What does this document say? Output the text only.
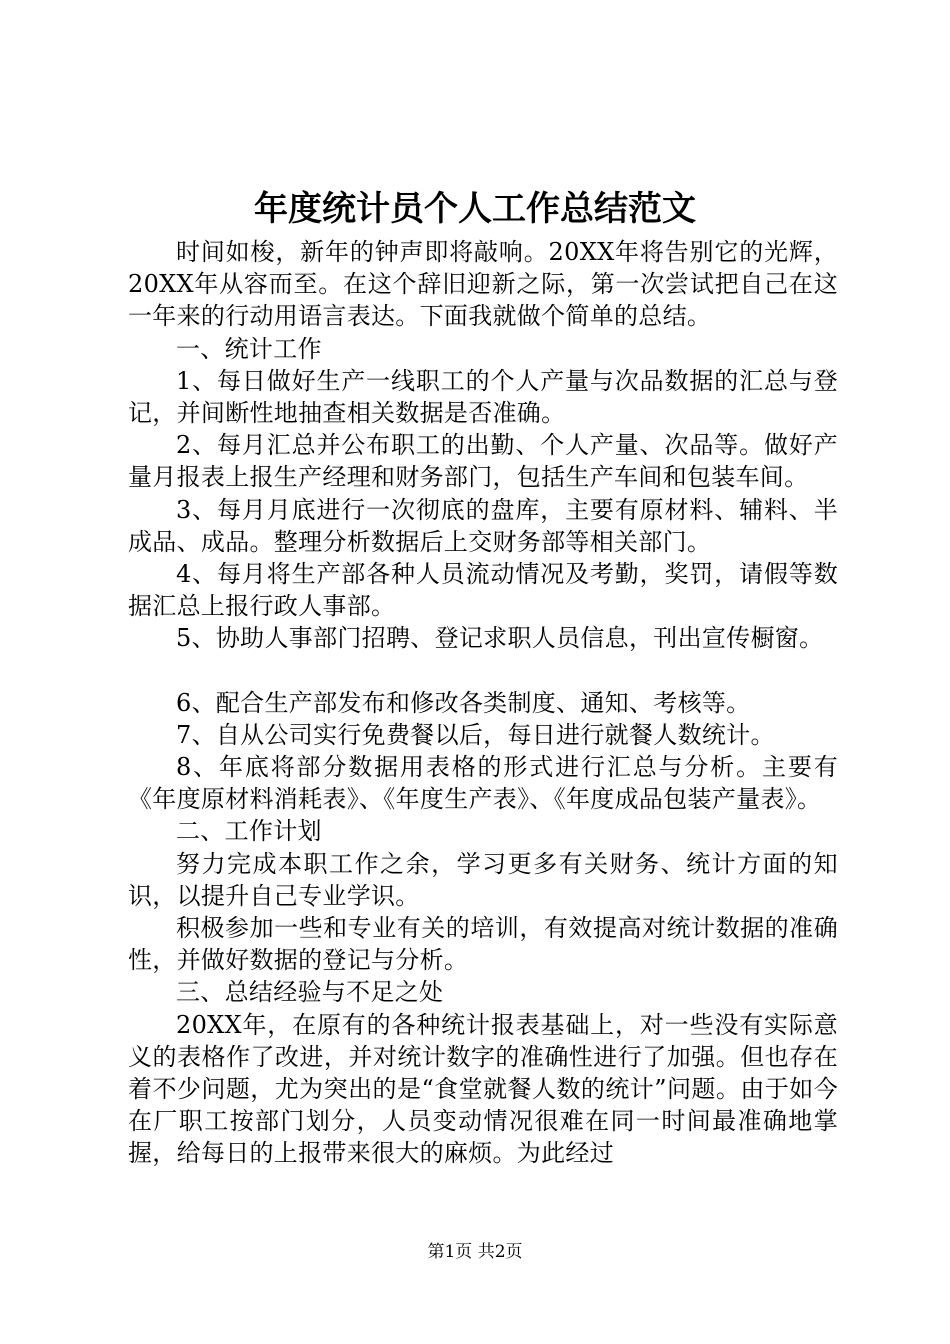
年度统计员个人工作总结范文

时间如梭，新年的钟声即将敲响。20XX年将告别它的光辉，20XX年从容而至。在这个辞旧迎新之际，第一次尝试把自己在这一年来的行动用语言表达。下面我就做个简单的总结。

一、统计工作

1、每日做好生产一线职工的个人产量与次品数据的汇总与登记，并间断性地抽查相关数据是否准确。

2、每月汇总并公布职工的出勤、个人产量、次品等。做好产量月报表上报生产经理和财务部门，包括生产车间和包装车间。

3、每月月底进行一次彻底的盘库，主要有原材料、辅料、半成品、成品。整理分析数据后上交财务部等相关部门。

4、每月将生产部各种人员流动情况及考勤，奖罚，请假等数据汇总上报行政人事部。

5、协助人事部门招聘、登记求职人员信息，刊出宣传橱窗。

6、配合生产部发布和修改各类制度、通知、考核等。

7、自从公司实行免费餐以后，每日进行就餐人数统计。

8、年底将部分数据用表格的形式进行汇总与分析。主要有《年度原材料消耗表》、《年度生产表》、《年度成品包装产量表》。

二、工作计划

努力完成本职工作之余，学习更多有关财务、统计方面的知识，以提升自己专业学识。

积极参加一些和专业有关的培训，有效提高对统计数据的准确性，并做好数据的登记与分析。

三、总结经验与不足之处

20XX年，在原有的各种统计报表基础上，对一些没有实际意义的表格作了改进，并对统计数字的准确性进行了加强。但也存在着不少问题，尤为突出的是“食堂就餐人数的统计”问题。由于如今在厂职工按部门划分，人员变动情况很难在同一时间最准确地掌握，给每日的上报带来很大的麻烦。为此经过

第1页 共2页
